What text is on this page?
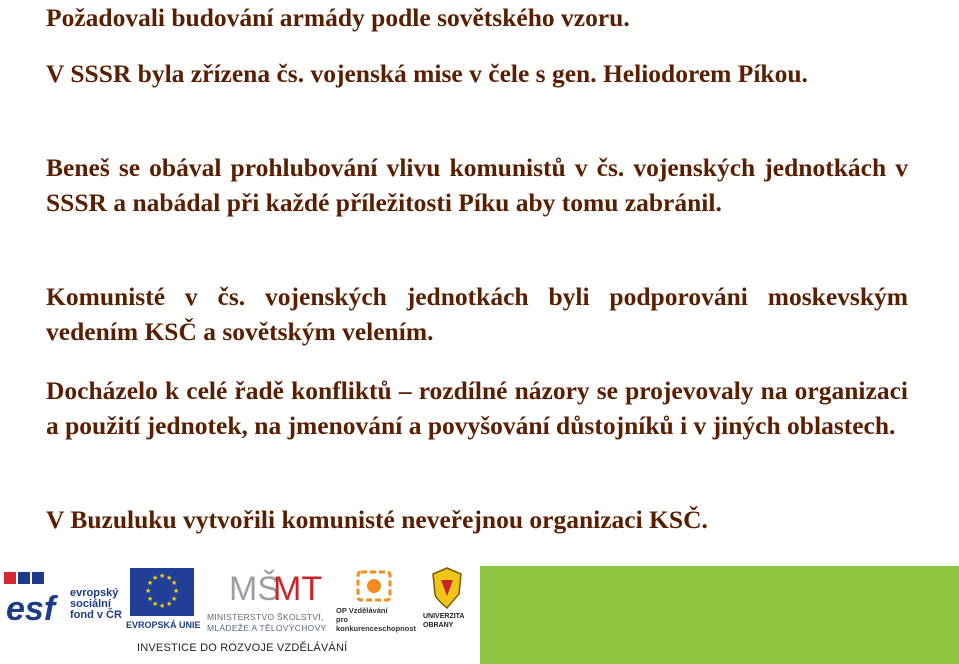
Požadovali budování armády podle sovětského vzoru.

V SSSR byla zřízena čs. vojenská mise v čele s gen. Heliodorem Píkou.

Beneš se obával prohlubování vlivu komunistů v čs. vojenských jednotkách v SSSR a nabádal při každé příležitosti Píku aby tomu zabránil.

Komunisté v čs. vojenských jednotkách byli podporováni moskevským vedením KSČ a sovětským velením.

Docházelo k celé řadě konfliktů – rozdílné názory se projevovaly na organizaci a použití jednotek, na jmenování a povyšování důstojníků i v jiných oblastech.

V Buzuluku vytvořili komunisté neveřejnou organizaci KSČ.

esf	evropský
sociální
fond v ČR
★ ★
★
★
★
★
★
★
★
★
★
★
EVROPSKÁ UNIE
MŠ
MT
MINISTERSTVO ŠKOLSTVÍ,
MLÁDEŽE A TĚLOVÝCHOVY
OP Vzdělávání
pro konkurenceschopnost
UNIVERZITA
OBRANY
INVESTICE DO ROZVOJE VZDĚLÁVÁNÍ
